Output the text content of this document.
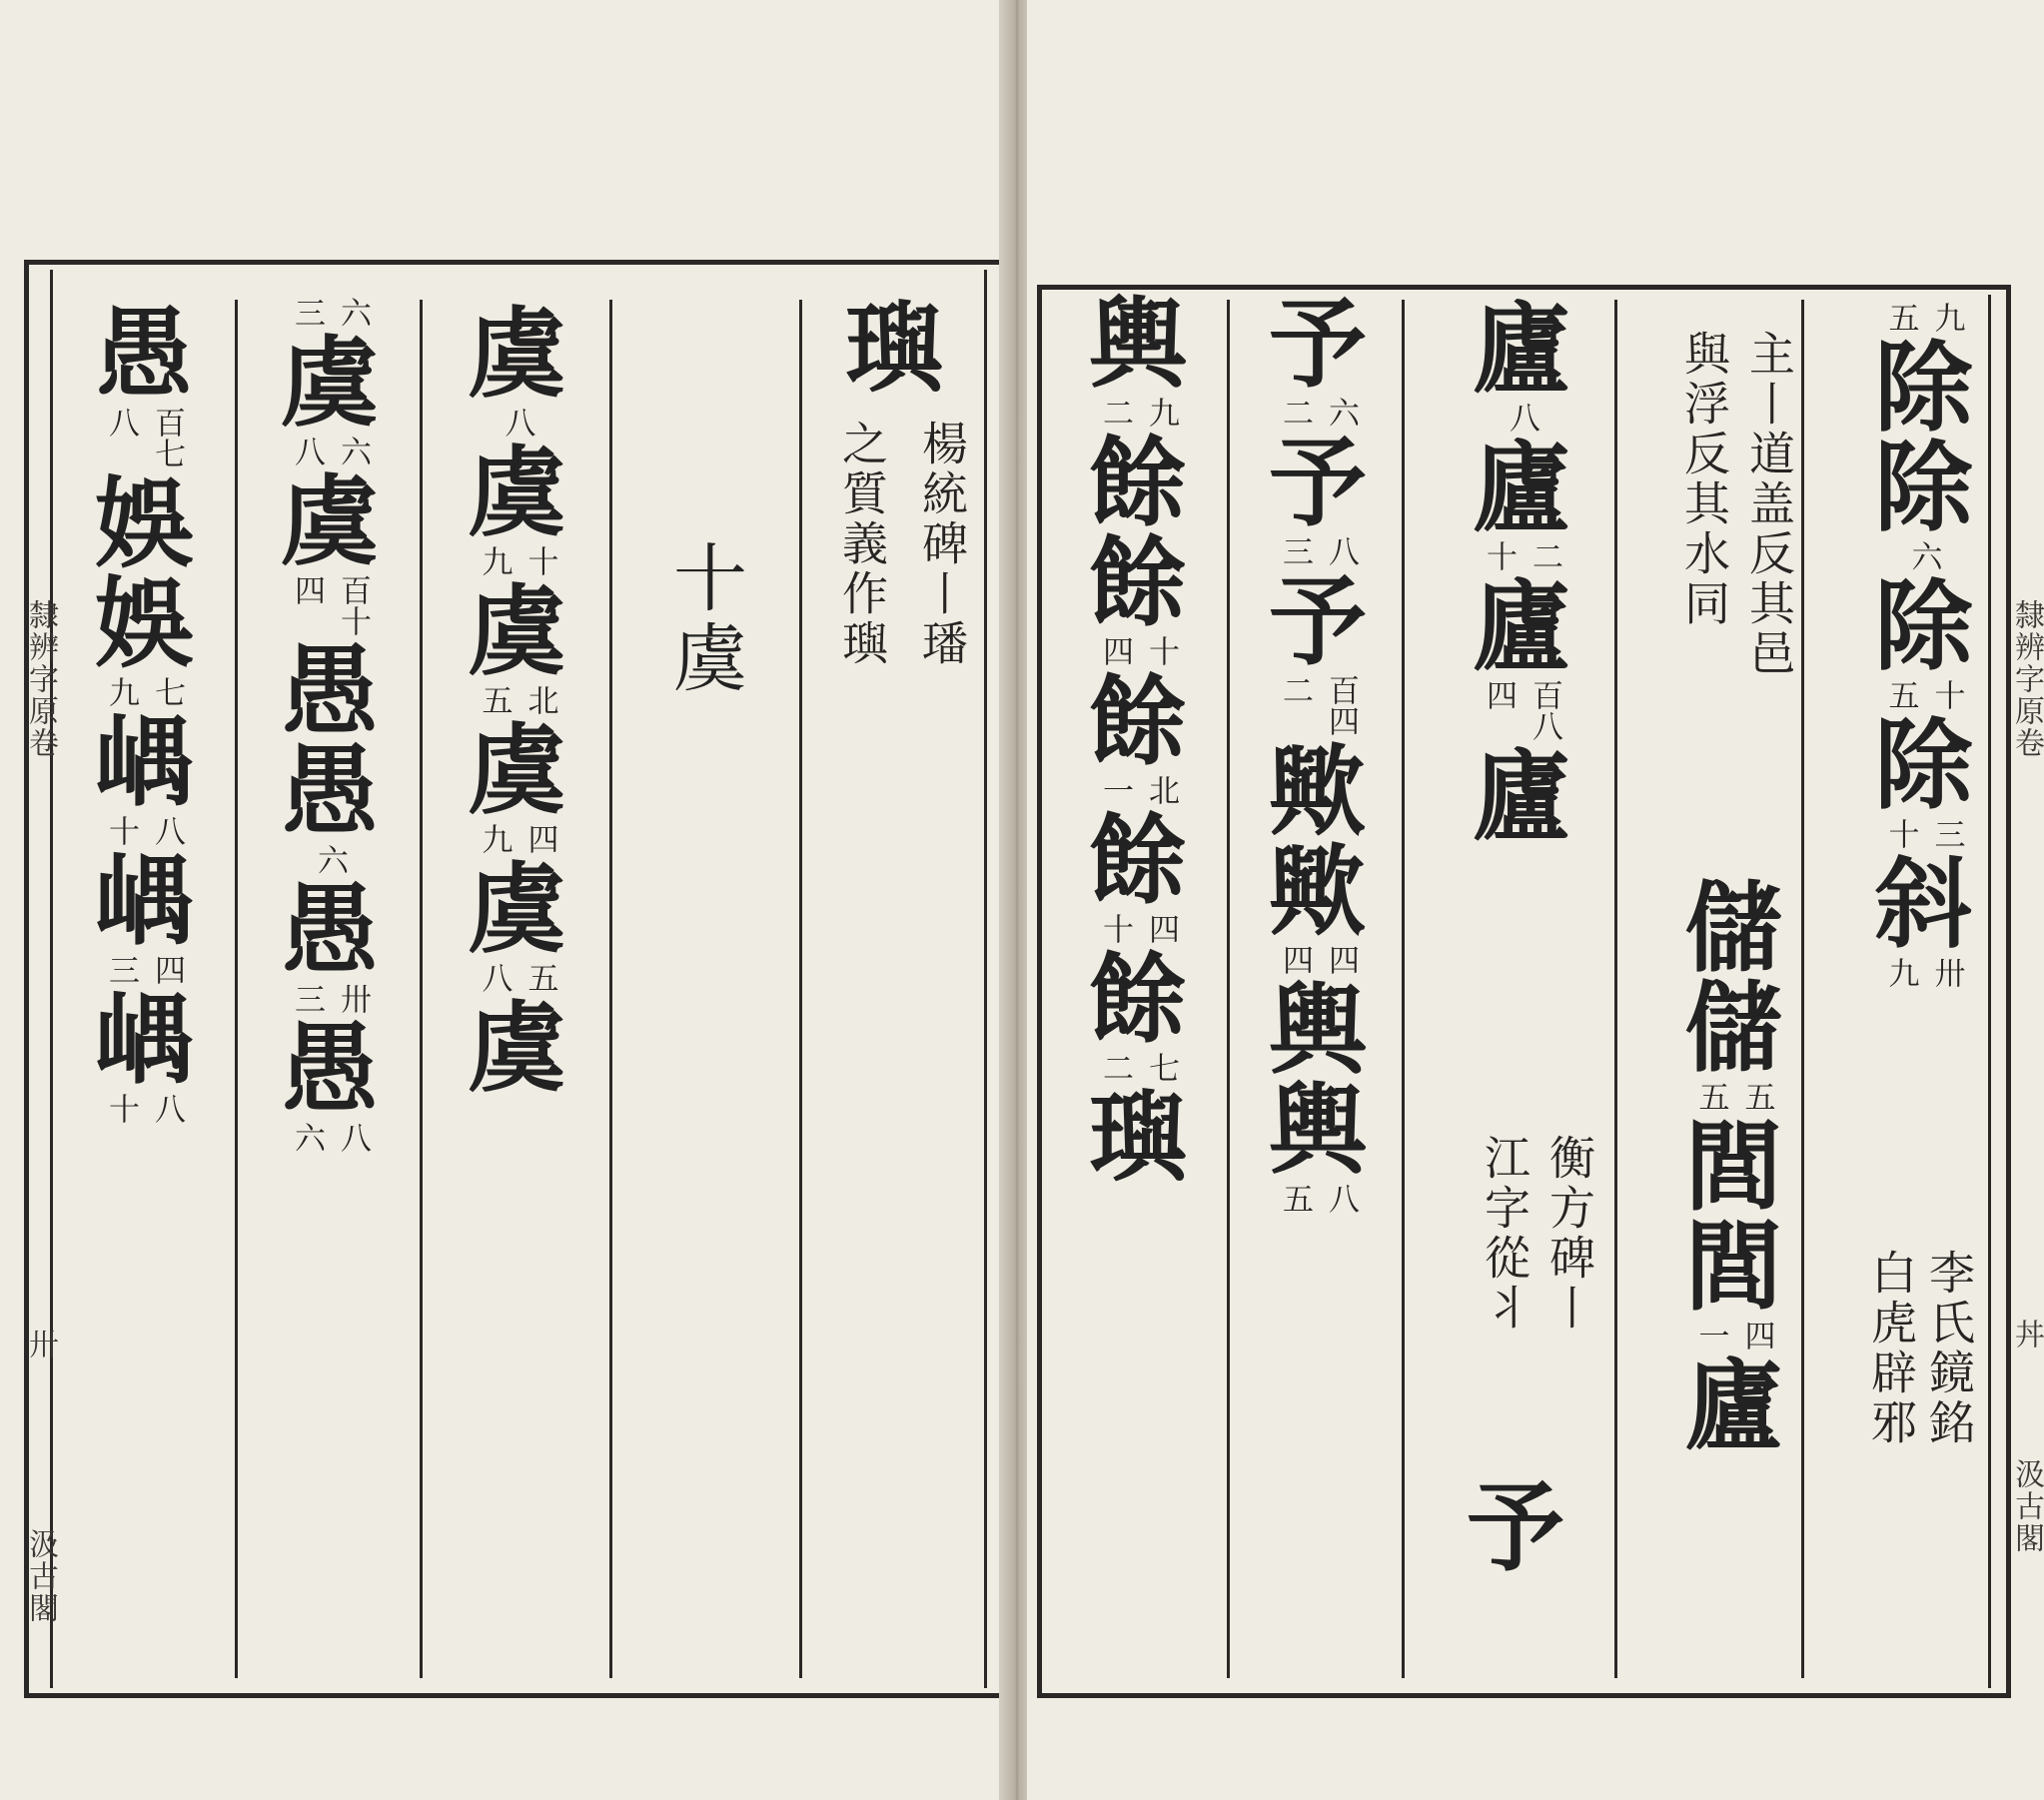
隸辨字原卷
卅
汲古閣
璵
楊統碑丨璠
之質義作璵
十虞
虞
八
虞
九 十
虞
五 北
虞
九 四
虞
八 五
虞
三 六
虞
八 六
虞
四 百十
愚
愚
六
愚
三 卅
愚
六 八
愚
八 百七
娛
娛
九 七
嵎
十 八
嵎
三 四
嵎
十 八
隸辨字原卷
丼
汲古閣
五 九
除
除
六
除
五 十
除
十 三
斜
九 卅
李氏鏡銘
白虎辟邪
主丨道盖反其邑
與浮反其水同
儲
儲
五 五
閭
閭
一 四
廬
廬
八
廬
十 二
廬
四 百八
廬
衡方碑丨
江字從丬
予
予
二 六
予
三 八
予
二 百四
歟
歟
四 四
輿
輿
五 八
輿
二 九
餘
餘
四 十
餘
一 北
餘
十 四
餘
二 七
璵
